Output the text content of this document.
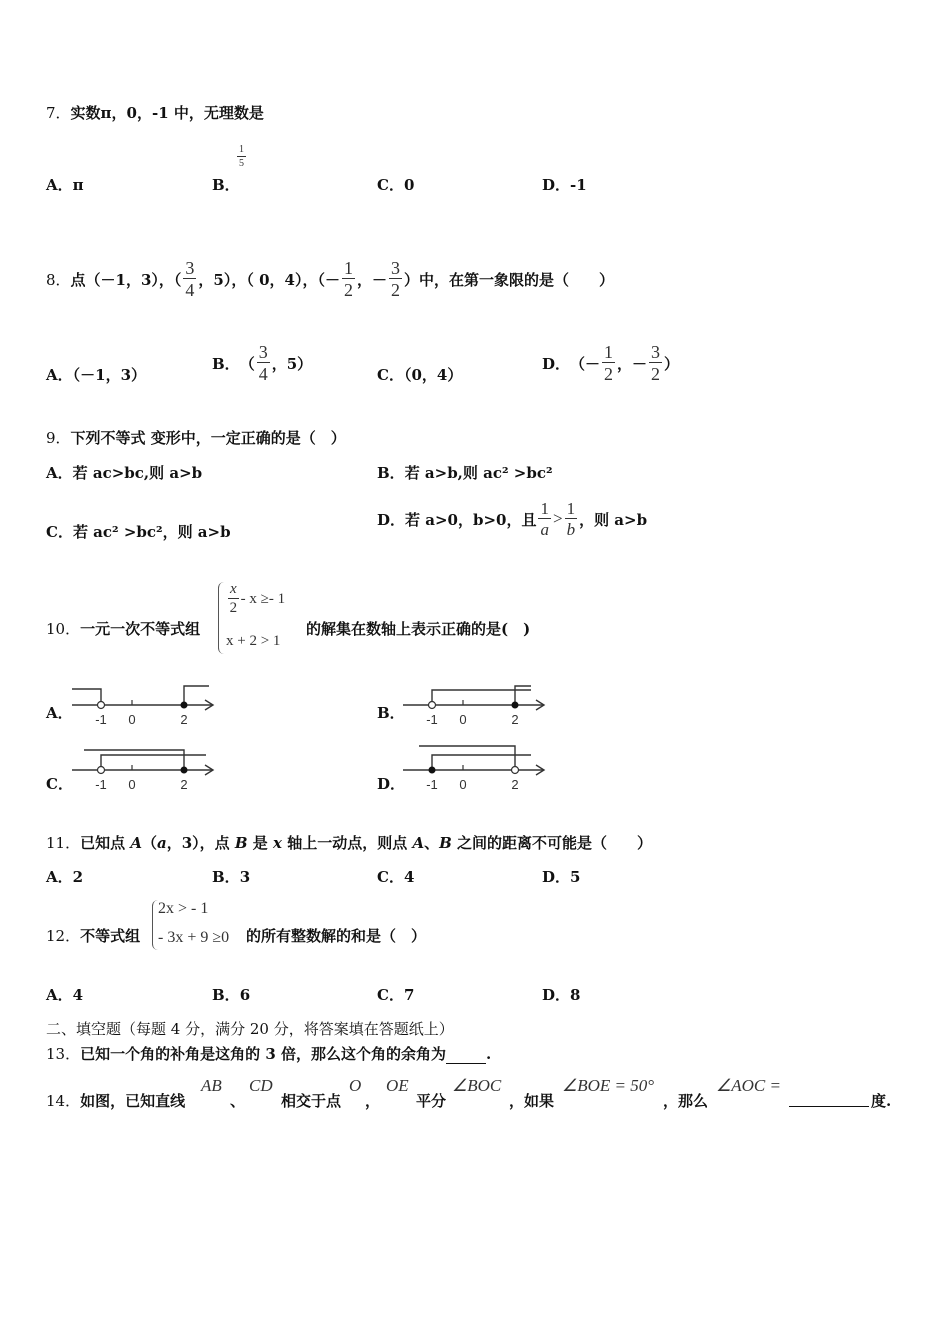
7．实数π，0，-1 中，无理数是
A．π	B．
$\frac{1}{5}$
C．0	D．-1
8． 点（－1，3），（ $\frac{3}{4}$ ，5），（ 0，4），（－ $\frac{1}{2}$ ，－ $\frac{3}{2}$ ）中，在第一象限的是（　　）
A．（－1，3）
B． （ $\frac{3}{4}$ ，5）
C．（0，4）
D． （－ $\frac{1}{2}$ ，－ $\frac{3}{2}$ ）
9．下列不等式 变形中，一定正确的是（　）
A．若 ac>bc,则 a>b	B．若 a>b,则 ac² >bc²
C．若 ac² >bc²，则 a>b
D． 若 a>0，b>0，且 $\frac{1}{a} > \frac{1}{b}$ ，则 a>b
10．一元一次不等式组
$\frac{x}{2} - x \ge- 1$
x + 2 > 1
的解集在数轴上表示正确的是(　)
A． -1 0	2	B． -1 0	2
C． -1 0	2	D． -1 0	2
11．已知点 A（a，3），点 B 是 x 轴上一动点，则点 A、B 之间的距离不可能是（　　）
A．2	B．3	C．4	D．5
12．不等式组
2x > - 1
- 3x + 9 ≥0 的所有整数解的和是（　）
A．4	B．6	C．7	D．8
二、填空题（每题 4 分，满分 20 分，将答案填在答题纸上）
13．已知一个角的补角是这角的 3 倍，那么这个角的余角为	.
14．如图，已知直线
AB
、
CD
相交于点
O
，
OE
平分
∠BOC
，如果
∠BOE = 50°
，那么
∠AOC =
度.
